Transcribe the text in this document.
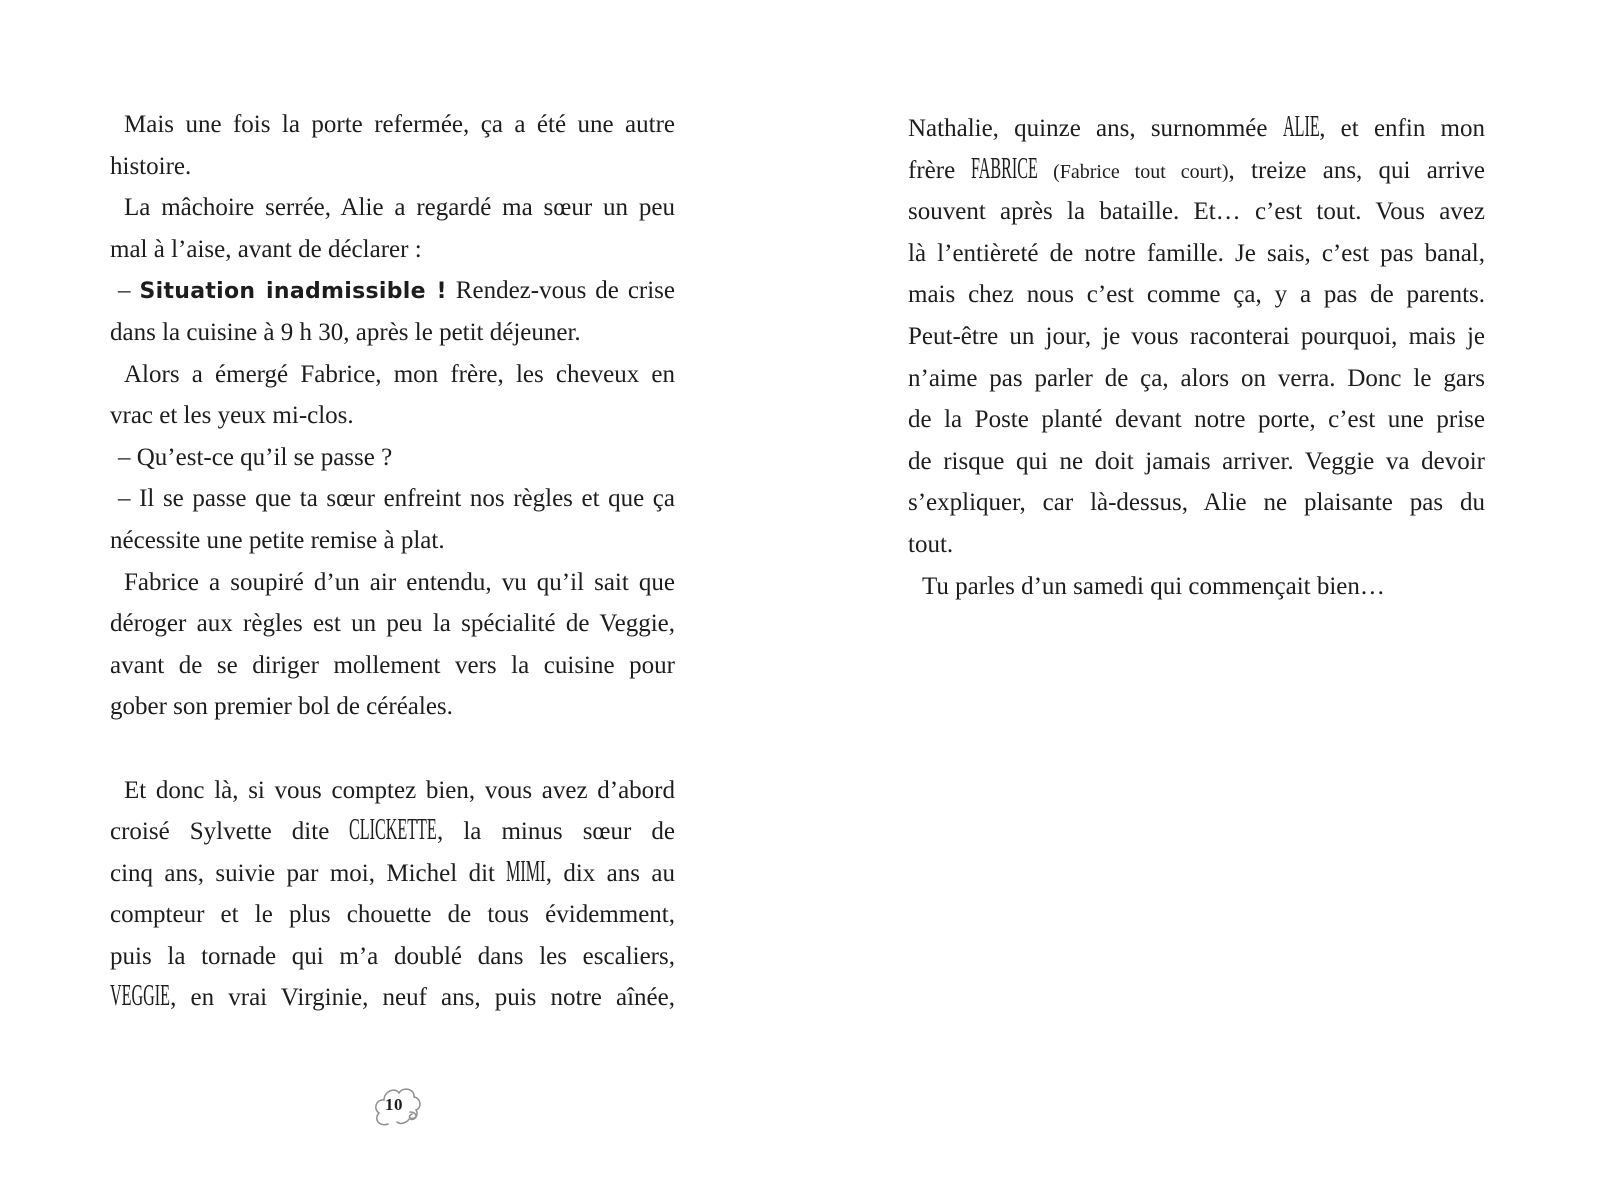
Mais une fois la porte refermée, ça a été une autre
histoire.
La mâchoire serrée, Alie a regardé ma sœur un peu
mal à l’aise, avant de déclarer :
– Situation inadmissible ! Rendez-vous de crise
dans la cuisine à 9 h 30, après le petit déjeuner.
Alors a émergé Fabrice, mon frère, les cheveux en
vrac et les yeux mi-clos.
– Qu’est-ce qu’il se passe ?
– Il se passe que ta sœur enfreint nos règles et que ça
nécessite une petite remise à plat.
Fabrice a soupiré d’un air entendu, vu qu’il sait que
déroger aux règles est un peu la spécialité de Veggie,
avant de se diriger mollement vers la cuisine pour
gober son premier bol de céréales.
Et donc là, si vous comptez bien, vous avez d’abord
croisé Sylvette dite CLICKETTE, la minus sœur de
cinq ans, suivie par moi, Michel dit MIMI, dix ans au
compteur et le plus chouette de tous évidemment,
puis la tornade qui m’a doublé dans les escaliers,
VEGGIE, en vrai Virginie, neuf ans, puis notre aînée,
Nathalie, quinze ans, surnommée ALIE, et enfin mon
frère FABRICE (Fabrice tout court), treize ans, qui arrive
souvent après la bataille. Et… c’est tout. Vous avez
là l’entièreté de notre famille. Je sais, c’est pas banal,
mais chez nous c’est comme ça, y a pas de parents.
Peut-être un jour, je vous raconterai pourquoi, mais je
n’aime pas parler de ça, alors on verra. Donc le gars
de la Poste planté devant notre porte, c’est une prise
de risque qui ne doit jamais arriver. Veggie va devoir
s’expliquer, car là-dessus, Alie ne plaisante pas du
tout.
Tu parles d’un samedi qui commençait bien…
10
